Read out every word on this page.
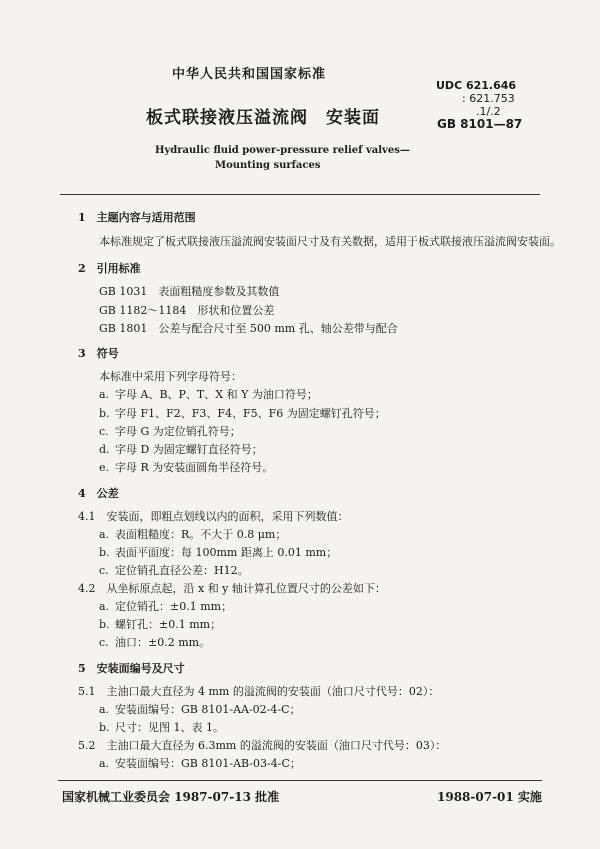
中华人民共和国国家标准
板式联接液压溢流阀　安装面
Hydraulic fluid power-pressure relief valves—
Mounting surfaces
UDC 621.646
: 621.753
.1/.2
GB 8101—87
1　主题内容与适用范围
本标准规定了板式联接液压溢流阀安装面尺寸及有关数据，适用于板式联接液压溢流阀安装面。
2　引用标准
GB 1031　表面粗糙度参数及其数值
GB 1182～1184　形状和位置公差
GB 1801　公差与配合尺寸至 500 mm 孔、轴公差带与配合
3　符号
本标准中采用下列字母符号：
a. 字母 A、B、P、T、X 和 Y 为油口符号；
b. 字母 F1、F2、F3、F4、F5、F6 为固定螺钉孔符号；
c. 字母 G 为定位销孔符号；
d. 字母 D 为固定螺钉直径符号；
e. 字母 R 为安装面圆角半径符号。
4　公差
4.1　安装面，即粗点划线以内的面积，采用下列数值：
a. 表面粗糙度：R。不大于 0.8 μm；
b. 表面平面度：每 100mm 距离上 0.01 mm；
c. 定位销孔直径公差：H12。
4.2　从坐标原点起，沿 x 和 y 轴计算孔位置尺寸的公差如下：
a. 定位销孔：±0.1 mm；
b. 螺钉孔：±0.1 mm；
c. 油口：±0.2 mm。
5　安装面编号及尺寸
5.1　主油口最大直径为 4 mm 的溢流阀的安装面（油口尺寸代号：02）：
a. 安装面编号：GB 8101-AA-02-4-C；
b. 尺寸：见图 1、表 1。
5.2　主油口最大直径为 6.3mm 的溢流阀的安装面（油口尺寸代号：03）：
a. 安装面编号：GB 8101-AB-03-4-C；
国家机械工业委员会 1987-07-13 批准	1988-07-01 实施
